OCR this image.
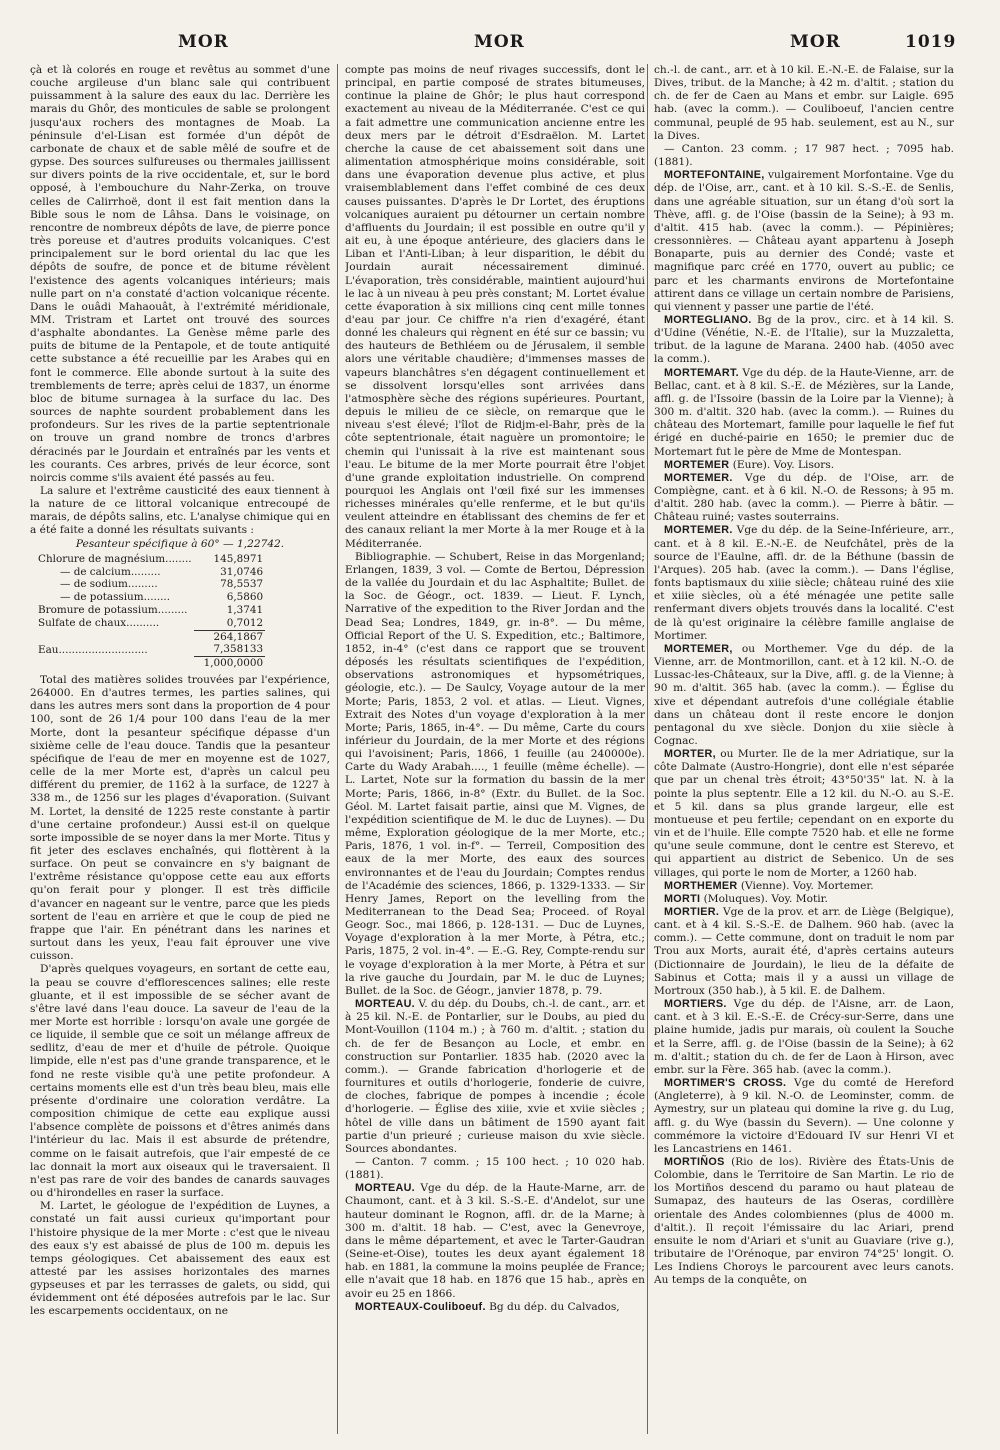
MOR	MOR	MOR	1019

çà et là colorés en rouge et revêtus au sommet d'une couche argileuse d'un blanc sale qui contribuent puissamment à la salure des eaux du lac. Derrière les marais du Ghôr, des monticules de sable se prolongent jusqu'aux rochers des montagnes de Moab. La péninsule d'el-Lisan est formée d'un dépôt de carbonate de chaux et de sable mêlé de soufre et de gypse. Des sources sulfureuses ou thermales jaillissent sur divers points de la rive occidentale, et, sur le bord opposé, à l'embouchure du Nahr-Zerka, on trouve celles de Calirrhoë, dont il est fait mention dans la Bible sous le nom de Lâhsa. Dans le voisinage, on rencontre de nombreux dépôts de lave, de pierre ponce très poreuse et d'autres produits volcaniques. C'est principalement sur le bord oriental du lac que les dépôts de soufre, de ponce et de bitume révèlent l'existence des agents volcaniques intérieurs; mais nulle part on n'a constaté d'action volcanique récente. Dans le ouâdi Mahaouât, à l'extrémité méridionale, MM. Tristram et Lartet ont trouvé des sources d'asphalte abondantes. La Genèse même parle des puits de bitume de la Pentapole, et de toute antiquité cette substance a été recueillie par les Arabes qui en font le commerce. Elle abonde surtout à la suite des tremblements de terre; après celui de 1837, un énorme bloc de bitume surnagea à la surface du lac. Des sources de naphte sourdent probablement dans les profondeurs. Sur les rives de la partie septentrionale on trouve un grand nombre de troncs d'arbres déracinés par le Jourdain et entraînés par les vents et les courants. Ces arbres, privés de leur écorce, sont noircis comme s'ils avaient été passés au feu.

La salure et l'extrême causticité des eaux tiennent à la nature de ce littoral volcanique entrecoupé de marais, de dépôts salins, etc. L'analyse chimique qui en a été faite a donné les résultats suivants :

Pesanteur spécifique à 60° — 1,22742.

Chlorure de magnésium........	145,8971
— de calcium.........	31,0746
— de sodium.........	78,5537
— de potassium........	6,5860
Bromure de potassium.........	1,3741
Sulfate de chaux..........	0,7012
	264,1867
Eau...........................	7,358133
	1,000,0000

Total des matières solides trouvées par l'expérience, 264000. En d'autres termes, les parties salines, qui dans les autres mers sont dans la proportion de 4 pour 100, sont de 26 1/4 pour 100 dans l'eau de la mer Morte, dont la pesanteur spécifique dépasse d'un sixième celle de l'eau douce. Tandis que la pesanteur spécifique de l'eau de mer en moyenne est de 1027, celle de la mer Morte est, d'après un calcul peu différent du premier, de 1162 à la surface, de 1227 à 338 m., de 1256 sur les plages d'évaporation. (Suivant M. Lortet, la densité de 1225 reste constante à partir d'une certaine profondeur.) Aussi est-il on quelque sorte impossible de se noyer dans la mer Morte. Titus y fit jeter des esclaves enchaînés, qui flottèrent à la surface. On peut se convaincre en s'y baignant de l'extrême résistance qu'oppose cette eau aux efforts qu'on ferait pour y plonger. Il est très difficile d'avancer en nageant sur le ventre, parce que les pieds sortent de l'eau en arrière et que le coup de pied ne frappe que l'air. En pénétrant dans les narines et surtout dans les yeux, l'eau fait éprouver une vive cuisson.

D'après quelques voyageurs, en sortant de cette eau, la peau se couvre d'efflorescences salines; elle reste gluante, et il est impossible de se sécher avant de s'être lavé dans l'eau douce. La saveur de l'eau de la mer Morte est horrible : lorsqu'on avale une gorgée de ce liquide, il semble que ce soit un mélange affreux de sedlitz, d'eau de mer et d'huile de pétrole. Quoique limpide, elle n'est pas d'une grande transparence, et le fond ne reste visible qu'à une petite profondeur. A certains moments elle est d'un très beau bleu, mais elle présente d'ordinaire une coloration verdâtre. La composition chimique de cette eau explique aussi l'absence complète de poissons et d'êtres animés dans l'intérieur du lac. Mais il est absurde de prétendre, comme on le faisait autrefois, que l'air empesté de ce lac donnait la mort aux oiseaux qui le traversaient. Il n'est pas rare de voir des bandes de canards sauvages ou d'hirondelles en raser la surface.

M. Lartet, le géologue de l'expédition de Luynes, a constaté un fait aussi curieux qu'important pour l'histoire physique de la mer Morte : c'est que le niveau des eaux s'y est abaissé de plus de 100 m. depuis les temps géologiques. Cet abaissement des eaux est attesté par les assises horizontales des marnes gypseuses et par les terrasses de galets, ou sidd, qui évidemment ont été déposées autrefois par le lac. Sur les escarpements occidentaux, on ne

compte pas moins de neuf rivages successifs, dont le principal, en partie composé de strates bitumeuses, continue la plaine de Ghôr; le plus haut correspond exactement au niveau de la Méditerranée. C'est ce qui a fait admettre une communication ancienne entre les deux mers par le détroit d'Esdraëlon. M. Lartet cherche la cause de cet abaissement soit dans une alimentation atmosphérique moins considérable, soit dans une évaporation devenue plus active, et plus vraisemblablement dans l'effet combiné de ces deux causes puissantes. D'après le Dr Lortet, des éruptions volcaniques auraient pu détourner un certain nombre d'affluents du Jourdain; il est possible en outre qu'il y ait eu, à une époque antérieure, des glaciers dans le Liban et l'Anti-Liban; à leur disparition, le débit du Jourdain aurait nécessairement diminué. L'évaporation, très considérable, maintient aujourd'hui le lac à un niveau à peu près constant; M. Lortet évalue cette évaporation à six millions cinq cent mille tonnes d'eau par jour. Ce chiffre n'a rien d'exagéré, étant donné les chaleurs qui règnent en été sur ce bassin; vu des hauteurs de Bethléem ou de Jérusalem, il semble alors une véritable chaudière; d'immenses masses de vapeurs blanchâtres s'en dégagent continuellement et se dissolvent lorsqu'elles sont arrivées dans l'atmosphère sèche des régions supérieures. Pourtant, depuis le milieu de ce siècle, on remarque que le niveau s'est élevé; l'îlot de Ridjm-el-Bahr, près de la côte septentrionale, était naguère un promontoire; le chemin qui l'unissait à la rive est maintenant sous l'eau. Le bitume de la mer Morte pourrait être l'objet d'une grande exploitation industrielle. On comprend pourquoi les Anglais ont l'œil fixé sur les immenses richesses minérales qu'elle renferme, et le but qu'ils veulent atteindre en établissant des chemins de fer et des canaux reliant la mer Morte à la mer Rouge et à la Méditerranée.

Bibliographie. — Schubert, Reise in das Morgenland; Erlangen, 1839, 3 vol. — Comte de Bertou, Dépression de la vallée du Jourdain et du lac Asphaltite; Bullet. de la Soc. de Géogr., oct. 1839. — Lieut. F. Lynch, Narrative of the expedition to the River Jordan and the Dead Sea; Londres, 1849, gr. in-8°. — Du même, Official Report of the U. S. Expedition, etc.; Baltimore, 1852, in-4° (c'est dans ce rapport que se trouvent déposés les résultats scientifiques de l'expédition, observations astronomiques et hypsométriques, géologie, etc.). — De Saulcy, Voyage autour de la mer Morte; Paris, 1853, 2 vol. et atlas. — Lieut. Vignes, Extrait des Notes d'un voyage d'exploration à la mer Morte; Paris, 1865, in-4°. — Du même, Carte du cours inférieur du Jourdain, de la mer Morte et des régions qui l'avoisinent; Paris, 1866, 1 feuille (au 240000e). Carte du Wady Arabah...., 1 feuille (même échelle). — L. Lartet, Note sur la formation du bassin de la mer Morte; Paris, 1866, in-8° (Extr. du Bullet. de la Soc. Géol. M. Lartet faisait partie, ainsi que M. Vignes, de l'expédition scientifique de M. le duc de Luynes). — Du même, Exploration géologique de la mer Morte, etc.; Paris, 1876, 1 vol. in-f°. — Terreil, Composition des eaux de la mer Morte, des eaux des sources environnantes et de l'eau du Jourdain; Comptes rendus de l'Académie des sciences, 1866, p. 1329-1333. — Sir Henry James, Report on the levelling from the Mediterranean to the Dead Sea; Proceed. of Royal Geogr. Soc., mai 1866, p. 128-131. — Duc de Luynes, Voyage d'exploration à la mer Morte, à Pétra, etc.; Paris, 1875, 2 vol. in-4°. — E.-G. Rey, Compte-rendu sur le voyage d'exploration à la mer Morte, à Pétra et sur la rive gauche du Jourdain, par M. le duc de Luynes; Bullet. de la Soc. de Géogr., janvier 1878, p. 79.

MORTEAU. V. du dép. du Doubs, ch.-l. de cant., arr. et à 25 kil. N.-E. de Pontarlier, sur le Doubs, au pied du Mont-Vouillon (1104 m.) ; à 760 m. d'altit. ; station du ch. de fer de Besançon au Locle, et embr. en construction sur Pontarlier. 1835 hab. (2020 avec la comm.). — Grande fabrication d'horlogerie et de fournitures et outils d'horlogerie, fonderie de cuivre, de cloches, fabrique de pompes à incendie ; école d'horlogerie. — Église des xiiie, xvie et xviie siècles ; hôtel de ville dans un bâtiment de 1590 ayant fait partie d'un prieuré ; curieuse maison du xvie siècle. Sources abondantes.

— Canton. 7 comm. ; 15 100 hect. ; 10 020 hab. (1881).

MORTEAU. Vge du dép. de la Haute-Marne, arr. de Chaumont, cant. et à 3 kil. S.-S.-E. d'Andelot, sur une hauteur dominant le Rognon, affl. dr. de la Marne; à 300 m. d'altit. 18 hab. — C'est, avec la Genevroye, dans le même département, et avec le Tarter-Gaudran (Seine-et-Oise), toutes les deux ayant également 18 hab. en 1881, la commune la moins peuplée de France; elle n'avait que 18 hab. en 1876 que 15 hab., après en avoir eu 25 en 1866.

MORTEAUX-Couliboeuf. Bg du dép. du Calvados,

ch.-l. de cant., arr. et à 10 kil. E.-N.-E. de Falaise, sur la Dives, tribut. de la Manche; à 42 m. d'altit. ; station du ch. de fer de Caen au Mans et embr. sur Laigle. 695 hab. (avec la comm.). — Couliboeuf, l'ancien centre communal, peuplé de 95 hab. seulement, est au N., sur la Dives.

— Canton. 23 comm. ; 17 987 hect. ; 7095 hab. (1881).

MORTEFONTAINE, vulgairement Morfontaine. Vge du dép. de l'Oise, arr., cant. et à 10 kil. S.-S.-E. de Senlis, dans une agréable situation, sur un étang d'où sort la Thève, affl. g. de l'Oise (bassin de la Seine); à 93 m. d'altit. 415 hab. (avec la comm.). — Pépinières; cressonnières. — Château ayant appartenu à Joseph Bonaparte, puis au dernier des Condé; vaste et magnifique parc créé en 1770, ouvert au public; ce parc et les charmants environs de Mortefontaine attirent dans ce village un certain nombre de Parisiens, qui viennent y passer une partie de l'été.

MORTEGLIANO. Bg de la prov., circ. et à 14 kil. S. d'Udine (Vénétie, N.-E. de l'Italie), sur la Muzzaletta, tribut. de la lagune de Marana. 2400 hab. (4050 avec la comm.).

MORTEMART. Vge du dép. de la Haute-Vienne, arr. de Bellac, cant. et à 8 kil. S.-E. de Mézières, sur la Lande, affl. g. de l'Issoire (bassin de la Loire par la Vienne); à 300 m. d'altit. 320 hab. (avec la comm.). — Ruines du château des Mortemart, famille pour laquelle le fief fut érigé en duché-pairie en 1650; le premier duc de Mortemart fut le père de Mme de Montespan.

MORTEMER (Eure). Voy. Lisors.

MORTEMER. Vge du dép. de l'Oise, arr. de Compiègne, cant. et à 6 kil. N.-O. de Ressons; à 95 m. d'altit. 280 hab. (avec la comm.). — Pierre à bâtir. — Château ruiné; vastes souterrains.

MORTEMER. Vge du dép. de la Seine-Inférieure, arr., cant. et à 8 kil. E.-N.-E. de Neufchâtel, près de la source de l'Eaulne, affl. dr. de la Béthune (bassin de l'Arques). 205 hab. (avec la comm.). — Dans l'église, fonts baptismaux du xiiie siècle; château ruiné des xiie et xiiie siècles, où a été ménagée une petite salle renfermant divers objets trouvés dans la localité. C'est de là qu'est originaire la célèbre famille anglaise de Mortimer.

MORTEMER, ou Morthemer. Vge du dép. de la Vienne, arr. de Montmorillon, cant. et à 12 kil. N.-O. de Lussac-les-Châteaux, sur la Dive, affl. g. de la Vienne; à 90 m. d'altit. 365 hab. (avec la comm.). — Église du xive et dépendant autrefois d'une collégiale établie dans un château dont il reste encore le donjon pentagonal du xve siècle. Donjon du xiie siècle à Cognac.

MORTER, ou Murter. Ile de la mer Adriatique, sur la côte Dalmate (Austro-Hongrie), dont elle n'est séparée que par un chenal très étroit; 43°50'35" lat. N. à la pointe la plus septentr. Elle a 12 kil. du N.-O. au S.-E. et 5 kil. dans sa plus grande largeur, elle est montueuse et peu fertile; cependant on en exporte du vin et de l'huile. Elle compte 7520 hab. et elle ne forme qu'une seule commune, dont le centre est Sterevo, et qui appartient au district de Sebenico. Un de ses villages, qui porte le nom de Morter, a 1260 hab.

MORTHEMER (Vienne). Voy. Mortemer.

MORTI (Moluques). Voy. Motir.

MORTIER. Vge de la prov. et arr. de Liège (Belgique), cant. et à 4 kil. S.-S.-E. de Dalhem. 960 hab. (avec la comm.). — Cette commune, dont on traduit le nom par Trou aux Morts, aurait été, d'après certains auteurs (Dictionnaire de Jourdain), le lieu de la défaite de Sabinus et Cotta; mais il y a aussi un village de Mortroux (350 hab.), à 5 kil. E. de Dalhem.

MORTIERS. Vge du dép. de l'Aisne, arr. de Laon, cant. et à 3 kil. E.-S.-E. de Crécy-sur-Serre, dans une plaine humide, jadis pur marais, où coulent la Souche et la Serre, affl. g. de l'Oise (bassin de la Seine); à 62 m. d'altit.; station du ch. de fer de Laon à Hirson, avec embr. sur la Fère. 365 hab. (avec la comm.).

MORTIMER'S CROSS. Vge du comté de Hereford (Angleterre), à 9 kil. N.-O. de Leominster, comm. de Aymestry, sur un plateau qui domine la rive g. du Lug, affl. g. du Wye (bassin du Severn). — Une colonne y commémore la victoire d'Edouard IV sur Henri VI et les Lancastriens en 1461.

MORTIÑOS (Rio de los). Rivière des États-Unis de Colombie, dans le Territoire de San Martin. Le rio de los Mortiños descend du paramo ou haut plateau de Sumapaz, des hauteurs de las Oseras, cordillère orientale des Andes colombiennes (plus de 4000 m. d'altit.). Il reçoit l'émissaire du lac Ariari, prend ensuite le nom d'Ariari et s'unit au Guaviare (rive g.), tributaire de l'Orénoque, par environ 74°25' longit. O. Les Indiens Choroys le parcourent avec leurs canots. Au temps de la conquête, on
